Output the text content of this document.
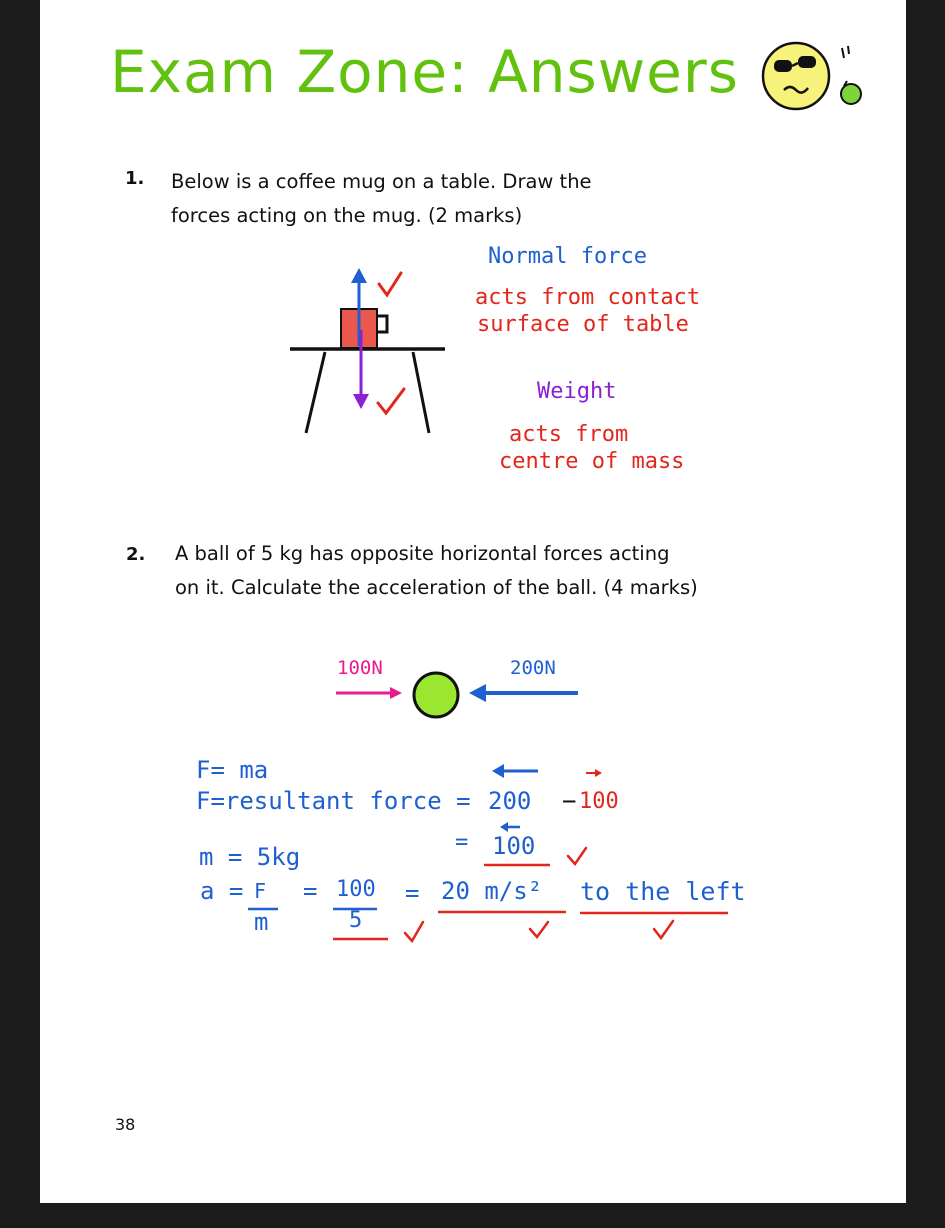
Exam Zone: Answers
1. Below is a coffee mug on a table. Draw the
forces acting on the mug. (2 marks)
Normal force
acts from contact
surface of table
Weight
acts from
centre of mass
2. A ball of 5 kg has opposite horizontal forces acting
on it. Calculate the acceleration of the ball. (4 marks)
100N	200N
F= ma
F=resultant force = 200 − 100
= 100
m = 5kg
a = F
m
= 100
5
= 20 m/s² to the left
38
